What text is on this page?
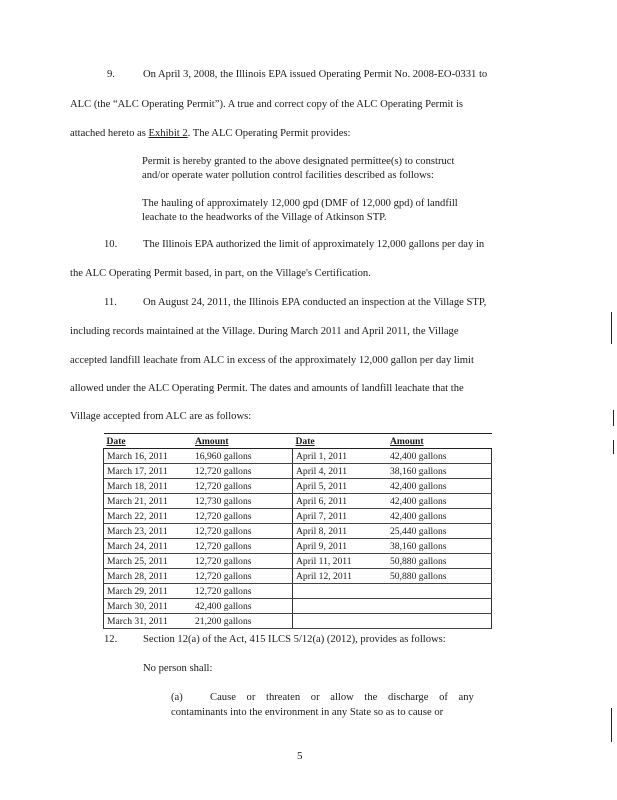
9.	On April 3, 2008, the Illinois EPA issued Operating Permit No. 2008-EO-0331 to
ALC (the “ALC Operating Permit”). A true and correct copy of the ALC Operating Permit is
attached hereto as Exhibit 2. The ALC Operating Permit provides:
Permit is hereby granted to the above designated permittee(s) to construct
and/or operate water pollution control facilities described as follows:
The hauling of approximately 12,000 gpd (DMF of 12,000 gpd) of landfill
leachate to the headworks of the Village of Atkinson STP.
10. The Illinois EPA authorized the limit of approximately 12,000 gallons per day in
the ALC Operating Permit based, in part, on the Village's Certification.
11. On August 24, 2011, the Illinois EPA conducted an inspection at the Village STP,
including records maintained at the Village. During March 2011 and April 2011, the Village
accepted landfill leachate from ALC in excess of the approximately 12,000 gallon per day limit
allowed under the ALC Operating Permit. The dates and amounts of landfill leachate that the
Village accepted from ALC are as follows:
Date	Amount	Date	Amount
March 16, 2011	16,960 gallons	April 1, 2011	42,400 gallons
March 17, 2011	12,720 gallons	April 4, 2011	38,160 gallons
March 18, 2011	12,720 gallons	April 5, 2011	42,400 gallons
March 21, 2011	12,730 gallons	April 6, 2011	42,400 gallons
March 22, 2011	12,720 gallons	April 7, 2011	42,400 gallons
March 23, 2011	12,720 gallons	April 8, 2011	25,440 gallons
March 24, 2011	12,720 gallons	April 9, 2011	38,160 gallons
March 25, 2011	12,720 gallons	April 11, 2011	50,880 gallons
March 28, 2011	12,720 gallons	April 12, 2011	50,880 gallons
March 29, 2011	12,720 gallons		
March 30, 2011	42,400 gallons		
March 31, 2011	21,200 gallons		
12. Section 12(a) of the Act, 415 ILCS 5/12(a) (2012), provides as follows:
No person shall:
(a)	Cause or threaten or allow the discharge of any
contaminants into the environment in any State so as to cause or
5
